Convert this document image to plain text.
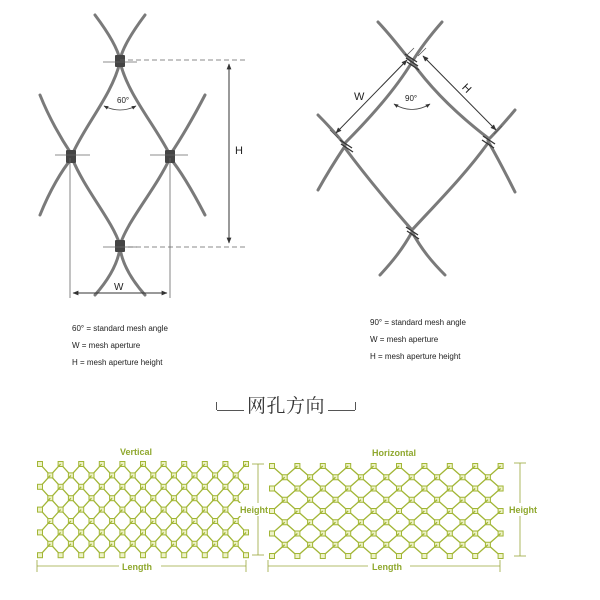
60°
H
W
90°
W
H
Vertical
Height
Length
Horizontal
Height
Length
60° = standard mesh angle
W = mesh aperture
H = mesh aperture height
90° = standard mesh angle
W = mesh aperture
H = mesh aperture height
网孔方向
